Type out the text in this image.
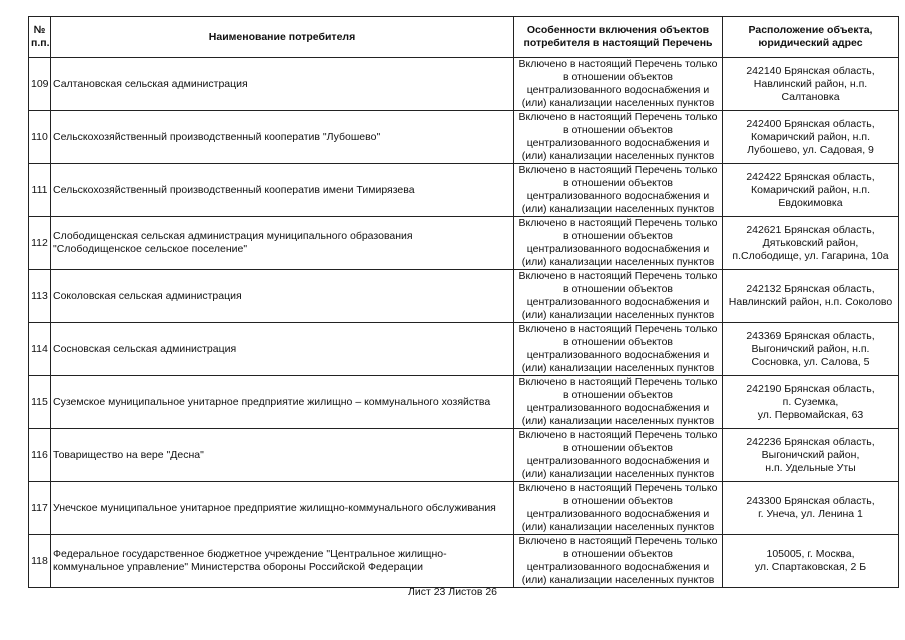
№
п.п.	Наименование потребителя	Особенности включения объектов
потребителя в настоящий Перечень	Расположение объекта,
юридический адрес
109	Салтановская сельская администрация	Включено в настоящий Перечень только
в отношении объектов
централизованного водоснабжения и
(или) канализации населенных пунктов	242140 Брянская область,
Навлинский район, н.п.
Салтановка
110	Сельскохозяйственный производственный кооператив "Лубошево"	Включено в настоящий Перечень только
в отношении объектов
централизованного водоснабжения и
(или) канализации населенных пунктов	242400 Брянская область,
Комаричский район, н.п.
Лубошево, ул. Садовая, 9
111	Сельскохозяйственный производственный кооператив имени Тимирязева	Включено в настоящий Перечень только
в отношении объектов
централизованного водоснабжения и
(или) канализации населенных пунктов	242422 Брянская область,
Комаричский район, н.п.
Евдокимовка
112	Слободищенская сельская администрация муниципального образования
"Слободищенское сельское поселение"	Включено в настоящий Перечень только
в отношении объектов
централизованного водоснабжения и
(или) канализации населенных пунктов	242621 Брянская область,
Дятьковский район,
п.Слободище, ул. Гагарина, 10а
113	Соколовская сельская администрация	Включено в настоящий Перечень только
в отношении объектов
централизованного водоснабжения и
(или) канализации населенных пунктов	242132 Брянская область,
Навлинский район, н.п. Соколово
114	Сосновская сельская администрация	Включено в настоящий Перечень только
в отношении объектов
централизованного водоснабжения и
(или) канализации населенных пунктов	243369 Брянская область,
Выгоничский район, н.п.
Сосновка, ул. Салова, 5
115	Суземское муниципальное унитарное предприятие жилищно – коммунального хозяйства	Включено в настоящий Перечень только
в отношении объектов
централизованного водоснабжения и
(или) канализации населенных пунктов	242190 Брянская область,
п. Суземка,
ул. Первомайская, 63
116	Товарищество на вере "Десна"	Включено в настоящий Перечень только
в отношении объектов
централизованного водоснабжения и
(или) канализации населенных пунктов	242236 Брянская область,
Выгоничский район,
н.п. Удельные Уты
117	Унечское муниципальное унитарное предприятие жилищно-коммунального обслуживания	Включено в настоящий Перечень только
в отношении объектов
централизованного водоснабжения и
(или) канализации населенных пунктов	243300 Брянская область,
г. Унеча, ул. Ленина 1
118	Федеральное государственное бюджетное учреждение "Центральное жилищно-
коммунальное управление" Министерства обороны Российской Федерации	Включено в настоящий Перечень только
в отношении объектов
централизованного водоснабжения и
(или) канализации населенных пунктов	105005, г. Москва,
ул. Спартаковская, 2 Б
Лист 23 Листов 26
